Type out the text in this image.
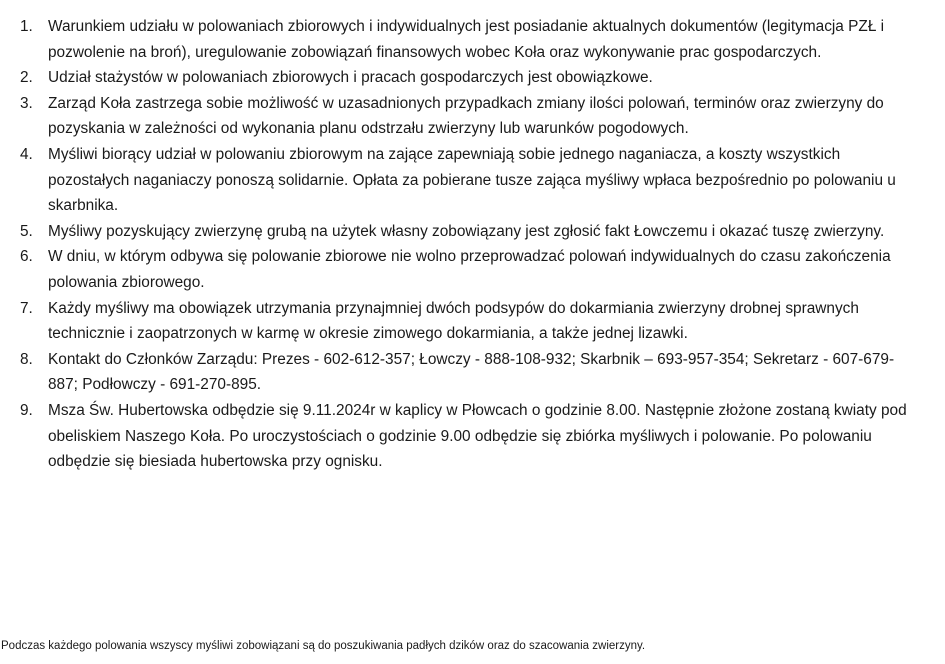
1. Warunkiem udziału w polowaniach zbiorowych i indywidualnych jest posiadanie aktualnych dokumentów (legitymacja PZŁ i pozwolenie na broń), uregulowanie zobowiązań finansowych wobec Koła oraz wykonywanie prac gospodarczych.
2. Udział stażystów w polowaniach zbiorowych i pracach gospodarczych jest obowiązkowe.
3. Zarząd Koła zastrzega sobie możliwość w uzasadnionych przypadkach zmiany ilości polowań, terminów oraz zwierzyny do pozyskania w zależności od wykonania planu odstrzału zwierzyny lub warunków pogodowych.
4. Myśliwi biorący udział w polowaniu zbiorowym na zające zapewniają sobie jednego naganiacza, a koszty wszystkich pozostałych naganiaczy ponoszą solidarnie. Opłata za pobierane tusze zająca myśliwy wpłaca bezpośrednio po polowaniu u skarbnika.
5. Myśliwy pozyskujący zwierzynę grubą na użytek własny zobowiązany jest zgłosić fakt Łowczemu i okazać tuszę zwierzyny.
6. W dniu, w którym odbywa się polowanie zbiorowe nie wolno przeprowadzać polowań indywidualnych do czasu zakończenia polowania zbiorowego.
7. Każdy myśliwy ma obowiązek utrzymania przynajmniej dwóch podsypów do dokarmiania zwierzyny drobnej sprawnych technicznie i zaopatrzonych w karmę w okresie zimowego dokarmiania, a także jednej lizawki.
8. Kontakt do Członków Zarządu: Prezes - 602-612-357; Łowczy - 888-108-932; Skarbnik – 693-957-354; Sekretarz - 607-679-887; Podłowczy - 691-270-895.
9. Msza Św. Hubertowska odbędzie się 9.11.2024r w kaplicy w Płowcach o godzinie 8.00. Następnie złożone zostaną kwiaty pod obeliskiem Naszego Koła. Po uroczystościach o godzinie 9.00 odbędzie się zbiórka myśliwych i polowanie. Po polowaniu odbędzie się biesiada hubertowska przy ognisku.
Podczas każdego polowania wszyscy myśliwi zobowiązani są do poszukiwania padłych dzików oraz do szacowania zwierzyny.
